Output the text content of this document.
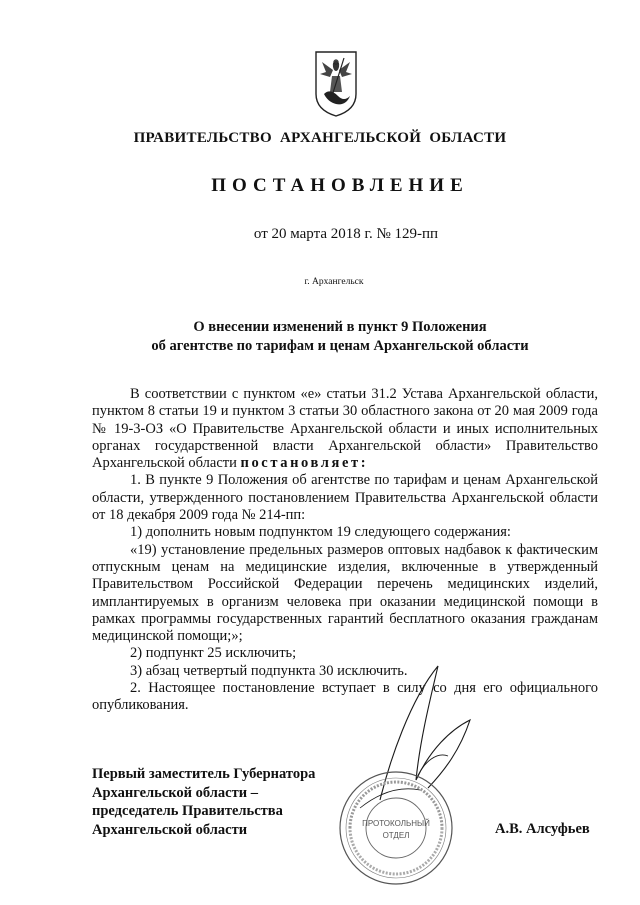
ПРАВИТЕЛЬСТВО  АРХАНГЕЛЬСКОЙ  ОБЛАСТИ
ПОСТАНОВЛЕНИЕ
от 20 марта 2018 г. № 129-пп
г. Архангельск
О внесении изменений в пункт 9 Положения
об агентстве по тарифам и ценам Архангельской области

В соответствии с пунктом «е» статьи 31.2 Устава Архангельской области, пунктом 8 статьи 19 и пунктом 3 статьи 30 областного закона от 20 мая 2009 года № 19-3-ОЗ «О Правительстве Архангельской области и иных исполнительных органах государственной власти Архангельской области» Правительство Архангельской области постановляет:

1. В пункте 9 Положения об агентстве по тарифам и ценам Архангельской области, утвержденного постановлением Правительства Архангельской области от 18 декабря 2009 года № 214-пп:

1) дополнить новым подпунктом 19 следующего содержания:

«19) установление предельных размеров оптовых надбавок к фактическим отпускным ценам на медицинские изделия, включенные в утвержденный Правительством Российской Федерации перечень медицинских изделий, имплантируемых в организм человека при оказании медицинской помощи в рамках программы государственных гарантий бесплатного оказания гражданам медицинской помощи;»;

2) подпункт 25 исключить;

3) абзац четвертый подпункта 30 исключить.

2. Настоящее постановление вступает в силу со дня его официального опубликования.

Первый заместитель Губернатора
Архангельской области –
председатель Правительства
Архангельской области	ПРОТОКОЛЬНЫЙ
ОТДЕЛ	А.В. Алсуфьев
